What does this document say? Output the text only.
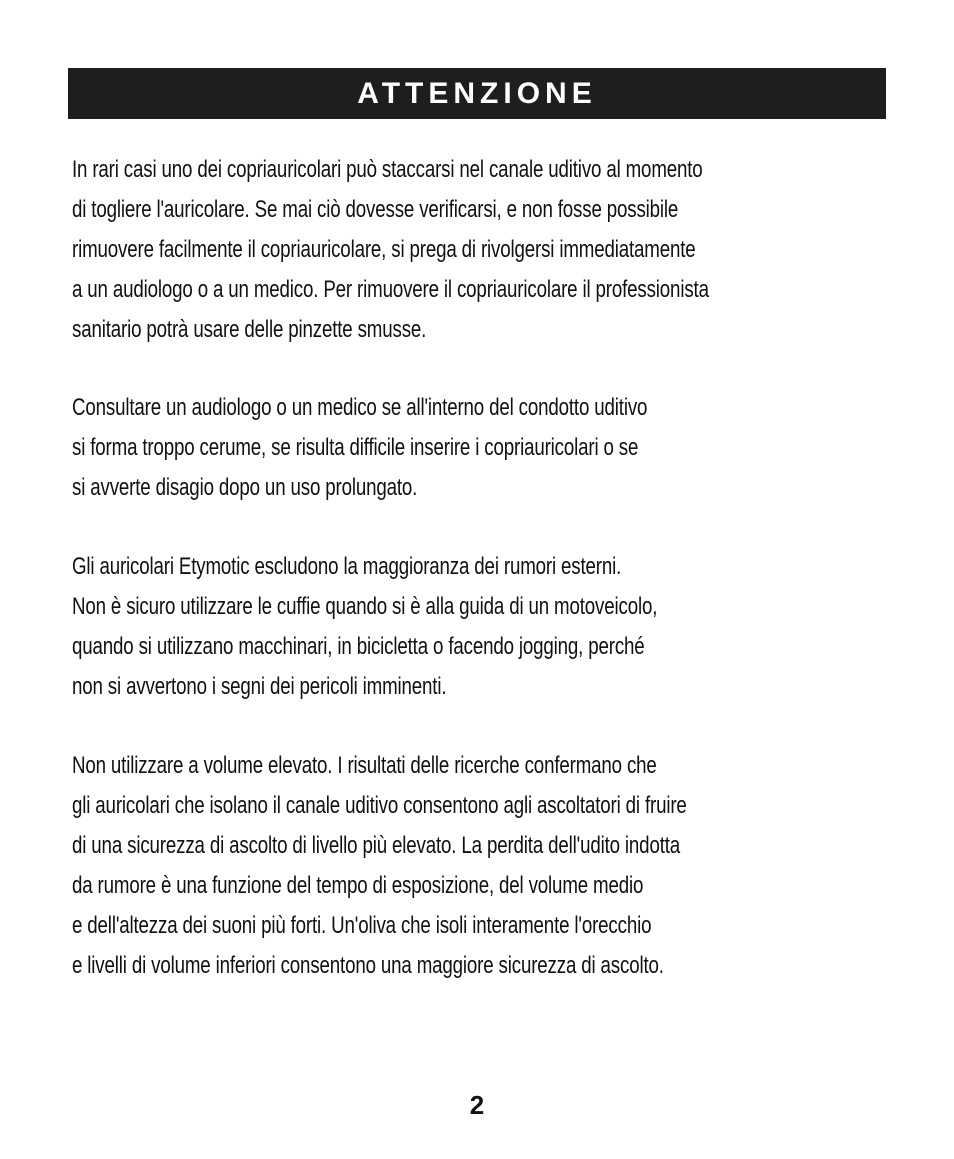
ATTENZIONE

In rari casi uno dei copriauricolari può staccarsi nel canale uditivo al momento
di togliere l'auricolare. Se mai ciò dovesse verificarsi, e non fosse possibile
rimuovere facilmente il copriauricolare, si prega di rivolgersi immediatamente
a un audiologo o a un medico. Per rimuovere il copriauricolare il professionista
sanitario potrà usare delle pinzette smusse.

Consultare un audiologo o un medico se all'interno del condotto uditivo
si forma troppo cerume, se risulta difficile inserire i copriauricolari o se
si avverte disagio dopo un uso prolungato.

Gli auricolari Etymotic escludono la maggioranza dei rumori esterni.
Non è sicuro utilizzare le cuffie quando si è alla guida di un motoveicolo,
quando si utilizzano macchinari, in bicicletta o facendo jogging, perché
non si avvertono i segni dei pericoli imminenti.

Non utilizzare a volume elevato. I risultati delle ricerche confermano che
gli auricolari che isolano il canale uditivo consentono agli ascoltatori di fruire
di una sicurezza di ascolto di livello più elevato. La perdita dell'udito indotta
da rumore è una funzione del tempo di esposizione, del volume medio
e dell'altezza dei suoni più forti. Un'oliva che isoli interamente l'orecchio
e livelli di volume inferiori consentono una maggiore sicurezza di ascolto.

2
